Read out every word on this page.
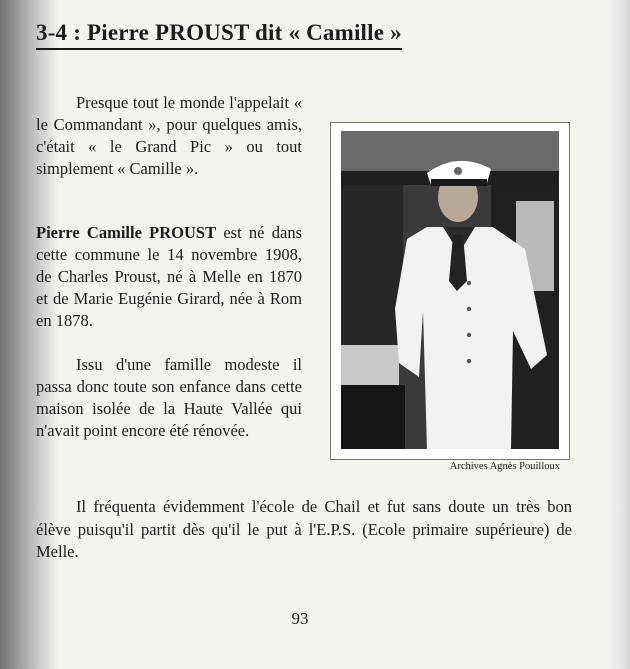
3-4 : Pierre PROUST dit « Camille »

Presque tout le monde l'appelait « le Commandant », pour quelques amis, c'était « le Grand Pic » ou tout simplement « Camille ».

Pierre Camille PROUST est né dans cette commune le 14 novembre 1908, de Charles Proust, né à Melle en 1870 et de Marie Eugénie Girard, née à Rom en 1878.

Issu d'une famille modeste il passa donc toute son enfance dans cette maison isolée de la Haute Vallée qui n'avait point encore été rénovée.

Archives Agnès Pouilloux

Il fréquenta évidemment l'école de Chail et fut sans doute un très bon élève puisqu'il partit dès qu'il le put à l'E.P.S. (Ecole primaire supérieure) de Melle.

93
